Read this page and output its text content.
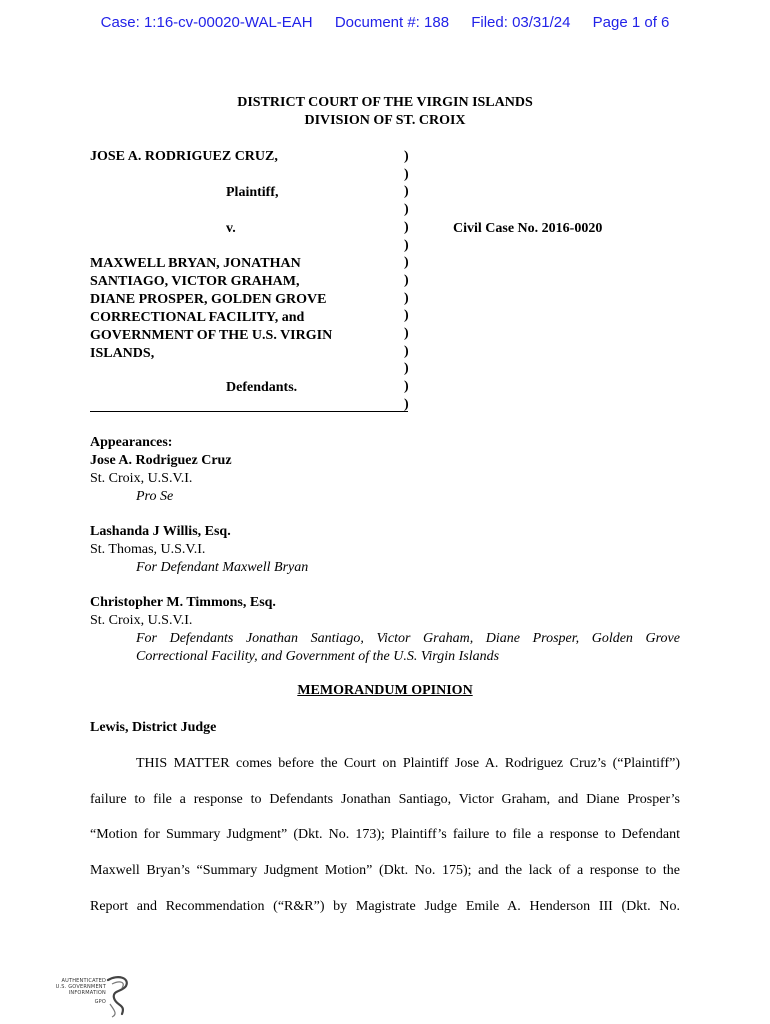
Case: 1:16-cv-00020-WAL-EAH Document #: 188 Filed: 03/31/24 Page 1 of 6
DISTRICT COURT OF THE VIRGIN ISLANDS
DIVISION OF ST. CROIX
JOSE A. RODRIGUEZ CRUZ,
Plaintiff,
v.
MAXWELL BRYAN, JONATHAN
SANTIAGO, VICTOR GRAHAM,
DIANE PROSPER, GOLDEN GROVE
CORRECTIONAL FACILITY, and
GOVERNMENT OF THE U.S. VIRGIN
ISLANDS,
Defendants.
)
)
)
)
)
)
)
)
)
)
)
)
)
)
)
Civil Case No. 2016-0020
Appearances:
Jose A. Rodriguez Cruz
St. Croix, U.S.V.I.
Pro Se
Lashanda J Willis, Esq.
St. Thomas, U.S.V.I.
For Defendant Maxwell Bryan
Christopher M. Timmons, Esq.
St. Croix, U.S.V.I.
For Defendants Jonathan Santiago, Victor Graham, Diane Prosper, Golden Grove
Correctional Facility, and Government of the U.S. Virgin Islands
MEMORANDUM OPINION
Lewis, District Judge
THIS MATTER comes before the Court on Plaintiff Jose A. Rodriguez Cruz’s (“Plaintiff”)
failure to file a response to Defendants Jonathan Santiago, Victor Graham, and Diane Prosper’s
“Motion for Summary Judgment” (Dkt. No. 173); Plaintiff’s failure to file a response to Defendant
Maxwell Bryan’s “Summary Judgment Motion” (Dkt. No. 175); and the lack of a response to the
Report and Recommendation (“R&R”) by Magistrate Judge Emile A. Henderson III (Dkt. No.
AUTHENTICATED
U.S. GOVERNMENT
INFORMATION
GPO
